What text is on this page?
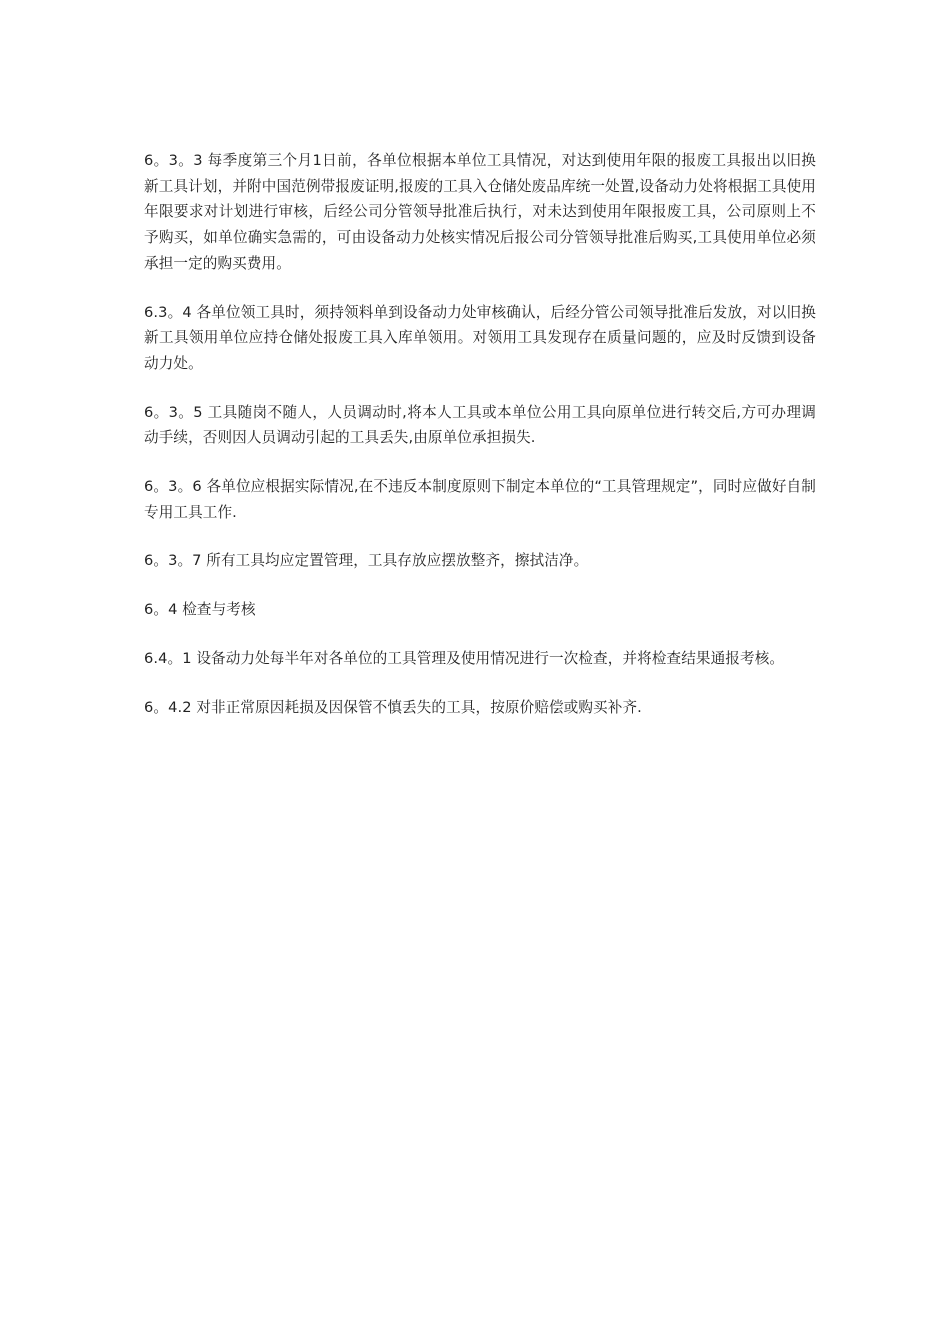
6。3。3 每季度第三个月1日前，各单位根据本单位工具情况，对达到使用年限的报废工具报出以旧换新工具计划，并附中国范例带报废证明,报废的工具入仓储处废品库统一处置,设备动力处将根据工具使用年限要求对计划进行审核，后经公司分管领导批准后执行，对未达到使用年限报废工具，公司原则上不予购买，如单位确实急需的，可由设备动力处核实情况后报公司分管领导批准后购买,工具使用单位必须承担一定的购买费用。

6.3。4 各单位领工具时，须持领料单到设备动力处审核确认，后经分管公司领导批准后发放，对以旧换新工具领用单位应持仓储处报废工具入库单领用。对领用工具发现存在质量问题的，应及时反馈到设备动力处。

6。3。5 工具随岗不随人，人员调动时,将本人工具或本单位公用工具向原单位进行转交后,方可办理调动手续，否则因人员调动引起的工具丢失,由原单位承担损失.

6。3。6 各单位应根据实际情况,在不违反本制度原则下制定本单位的“工具管理规定”，同时应做好自制专用工具工作.

6。3。7 所有工具均应定置管理，工具存放应摆放整齐，擦拭洁净。

6。4 检查与考核

6.4。1 设备动力处每半年对各单位的工具管理及使用情况进行一次检查，并将检查结果通报考核。

6。4.2 对非正常原因耗损及因保管不慎丢失的工具，按原价赔偿或购买补齐.
